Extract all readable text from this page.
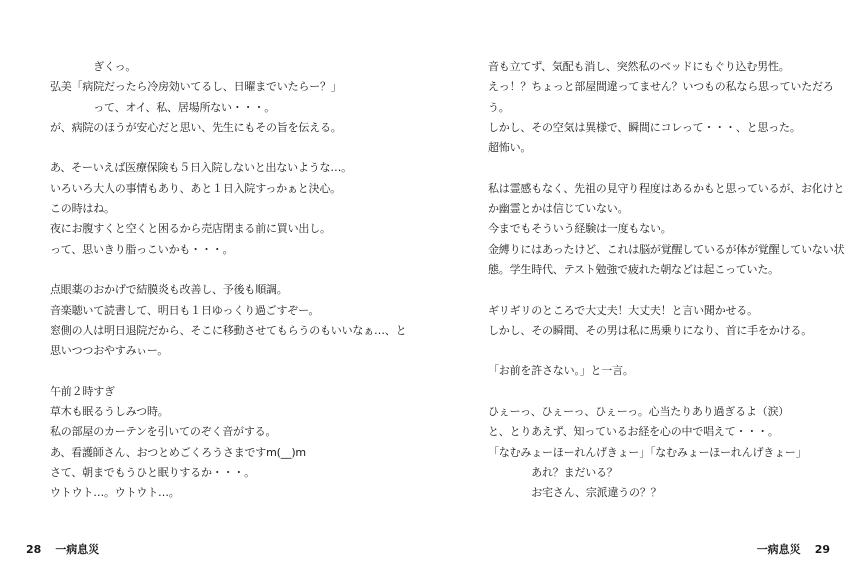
　　　　ぎくっ。
弘美「病院だったら冷房効いてるし、日曜までいたらー？」
　　　　って、オイ、私、居場所ない・・・。
が、病院のほうが安心だと思い、先生にもその旨を伝える。
あ、そーいえば医療保険も５日入院しないと出ないような…。
いろいろ大人の事情もあり、あと１日入院すっかぁと決心。
この時はね。
夜にお腹すくと空くと困るから売店閉まる前に買い出し。
って、思いきり脂っこいかも・・・。
点眼薬のおかげで結膜炎も改善し、予後も順調。
音楽聴いて読書して、明日も１日ゆっくり過ごすぞー。
窓側の人は明日退院だから、そこに移動させてもらうのもいいなぁ…、と
思いつつおやすみぃー。
午前２時すぎ
草木も眠るうしみつ時。
私の部屋のカーテンを引いてのぞく音がする。
あ、看護師さん、おつとめごくろうさまですm(__)m
さて、朝までもうひと眠りするか・・・。
ウトウト…。ウトウト…。
28 一病息災
音も立てず、気配も消し、突然私のベッドにもぐり込む男性。
えっ！？ちょっと部屋間違ってません？いつもの私なら思っていただろ
う。
しかし、その空気は異様で、瞬間にコレって・・・、と思った。
超怖い。
私は霊感もなく、先祖の見守り程度はあるかもと思っているが、お化けと
か幽霊とかは信じていない。
今までもそういう経験は一度もない。
金縛りにはあったけど、これは脳が覚醒しているが体が覚醒していない状
態。学生時代、テスト勉強で疲れた朝などは起こっていた。
ギリギリのところで大丈夫！大丈夫！と言い聞かせる。
しかし、その瞬間、その男は私に馬乗りになり、首に手をかける。
「お前を許さない。」と一言。
ひぇーっ、ひぇーっ、ひぇーっ。心当たりあり過ぎるよ（涙）
と、とりあえず、知っているお経を心の中で唱えて・・・。
「なむみょーほーれんげきょー」「なむみょーほーれんげきょー」
　　　　あれ？まだいる？
　　　　お宅さん、宗派違うの？？
一病息災 29
